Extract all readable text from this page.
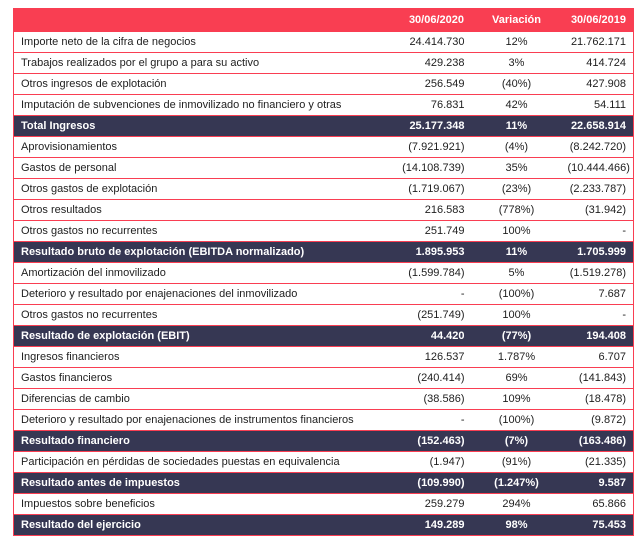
	30/06/2020	Variación	30/06/2019
Importe neto de la cifra de negocios	24.414.730	12%	21.762.171
Trabajos realizados por el grupo a para su activo	429.238	3%	414.724
Otros ingresos de explotación	256.549	(40%)	427.908
Imputación de subvenciones de inmovilizado no financiero y otras	76.831	42%	54.111
Total Ingresos	25.177.348	11%	22.658.914
Aprovisionamientos	(7.921.921)	(4%)	(8.242.720)
Gastos de personal	(14.108.739)	35%	(10.444.466)
Otros gastos de explotación	(1.719.067)	(23%)	(2.233.787)
Otros resultados	216.583	(778%)	(31.942)
Otros gastos no recurrentes	251.749	100%	-
Resultado bruto de explotación (EBITDA normalizado)	1.895.953	11%	1.705.999
Amortización del inmovilizado	(1.599.784)	5%	(1.519.278)
Deterioro y resultado por enajenaciones del inmovilizado	-	(100%)	7.687
Otros gastos no recurrentes	(251.749)	100%	-
Resultado de explotación (EBIT)	44.420	(77%)	194.408
Ingresos financieros	126.537	1.787%	6.707
Gastos financieros	(240.414)	69%	(141.843)
Diferencias de cambio	(38.586)	109%	(18.478)
Deterioro y resultado por enajenaciones de instrumentos financieros	-	(100%)	(9.872)
Resultado financiero	(152.463)	(7%)	(163.486)
Participación en pérdidas de sociedades puestas en equivalencia	(1.947)	(91%)	(21.335)
Resultado antes de impuestos	(109.990)	(1.247%)	9.587
Impuestos sobre beneficios	259.279	294%	65.866
Resultado del ejercicio	149.289	98%	75.453
